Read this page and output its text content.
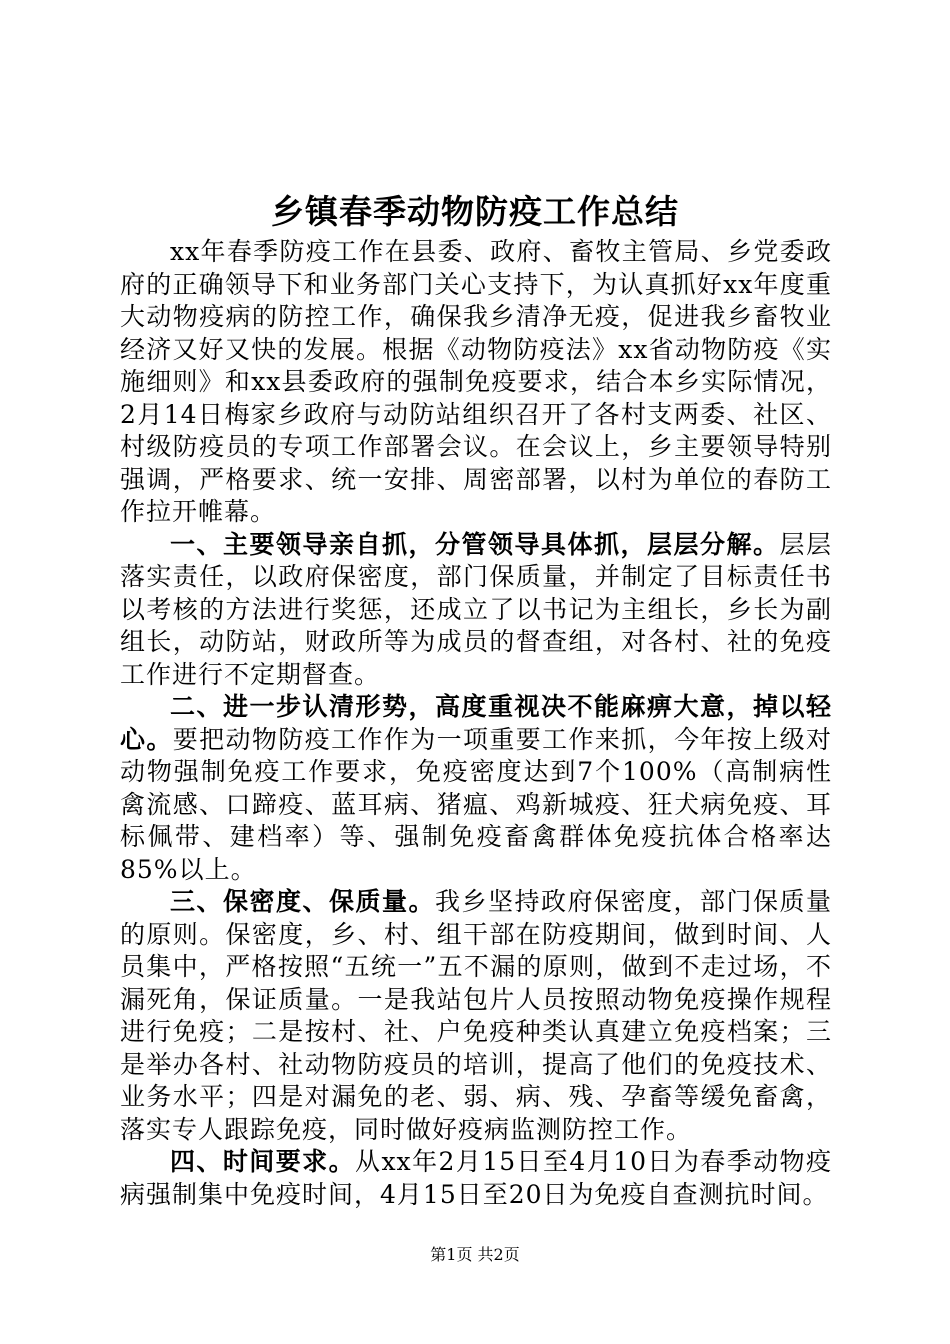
乡镇春季动物防疫工作总结

xx年春季防疫工作在县委、政府、畜牧主管局、乡党委政府的正确领导下和业务部门关心支持下，为认真抓好xx年度重大动物疫病的防控工作，确保我乡清净无疫，促进我乡畜牧业经济又好又快的发展。根据《动物防疫法》xx省动物防疫《实施细则》和xx县委政府的强制免疫要求，结合本乡实际情况，2月14日梅家乡政府与动防站组织召开了各村支两委、社区、村级防疫员的专项工作部署会议。在会议上，乡主要领导特别强调，严格要求、统一安排、周密部署，以村为单位的春防工作拉开帷幕。

一、主要领导亲自抓，分管领导具体抓，层层分解。层层落实责任，以政府保密度，部门保质量，并制定了目标责任书以考核的方法进行奖惩，还成立了以书记为主组长，乡长为副组长，动防站，财政所等为成员的督查组，对各村、社的免疫工作进行不定期督查。

二、进一步认清形势，高度重视决不能麻痹大意，掉以轻心。要把动物防疫工作作为一项重要工作来抓，今年按上级对动物强制免疫工作要求，免疫密度达到7个100%（高制病性禽流感、口蹄疫、蓝耳病、猪瘟、鸡新城疫、狂犬病免疫、耳标佩带、建档率）等、强制免疫畜禽群体免疫抗体合格率达85%以上。

三、保密度、保质量。我乡坚持政府保密度，部门保质量的原则。保密度，乡、村、组干部在防疫期间，做到时间、人员集中，严格按照“五统一”五不漏的原则，做到不走过场，不漏死角，保证质量。一是我站包片人员按照动物免疫操作规程进行免疫；二是按村、社、户免疫种类认真建立免疫档案；三是举办各村、社动物防疫员的培训，提高了他们的免疫技术、业务水平；四是对漏免的老、弱、病、残、孕畜等缓免畜禽，落实专人跟踪免疫，同时做好疫病监测防控工作。

四、时间要求。从xx年2月15日至4月10日为春季动物疫病强制集中免疫时间，4月15日至20日为免疫自查测抗时间。

第1页 共2页
